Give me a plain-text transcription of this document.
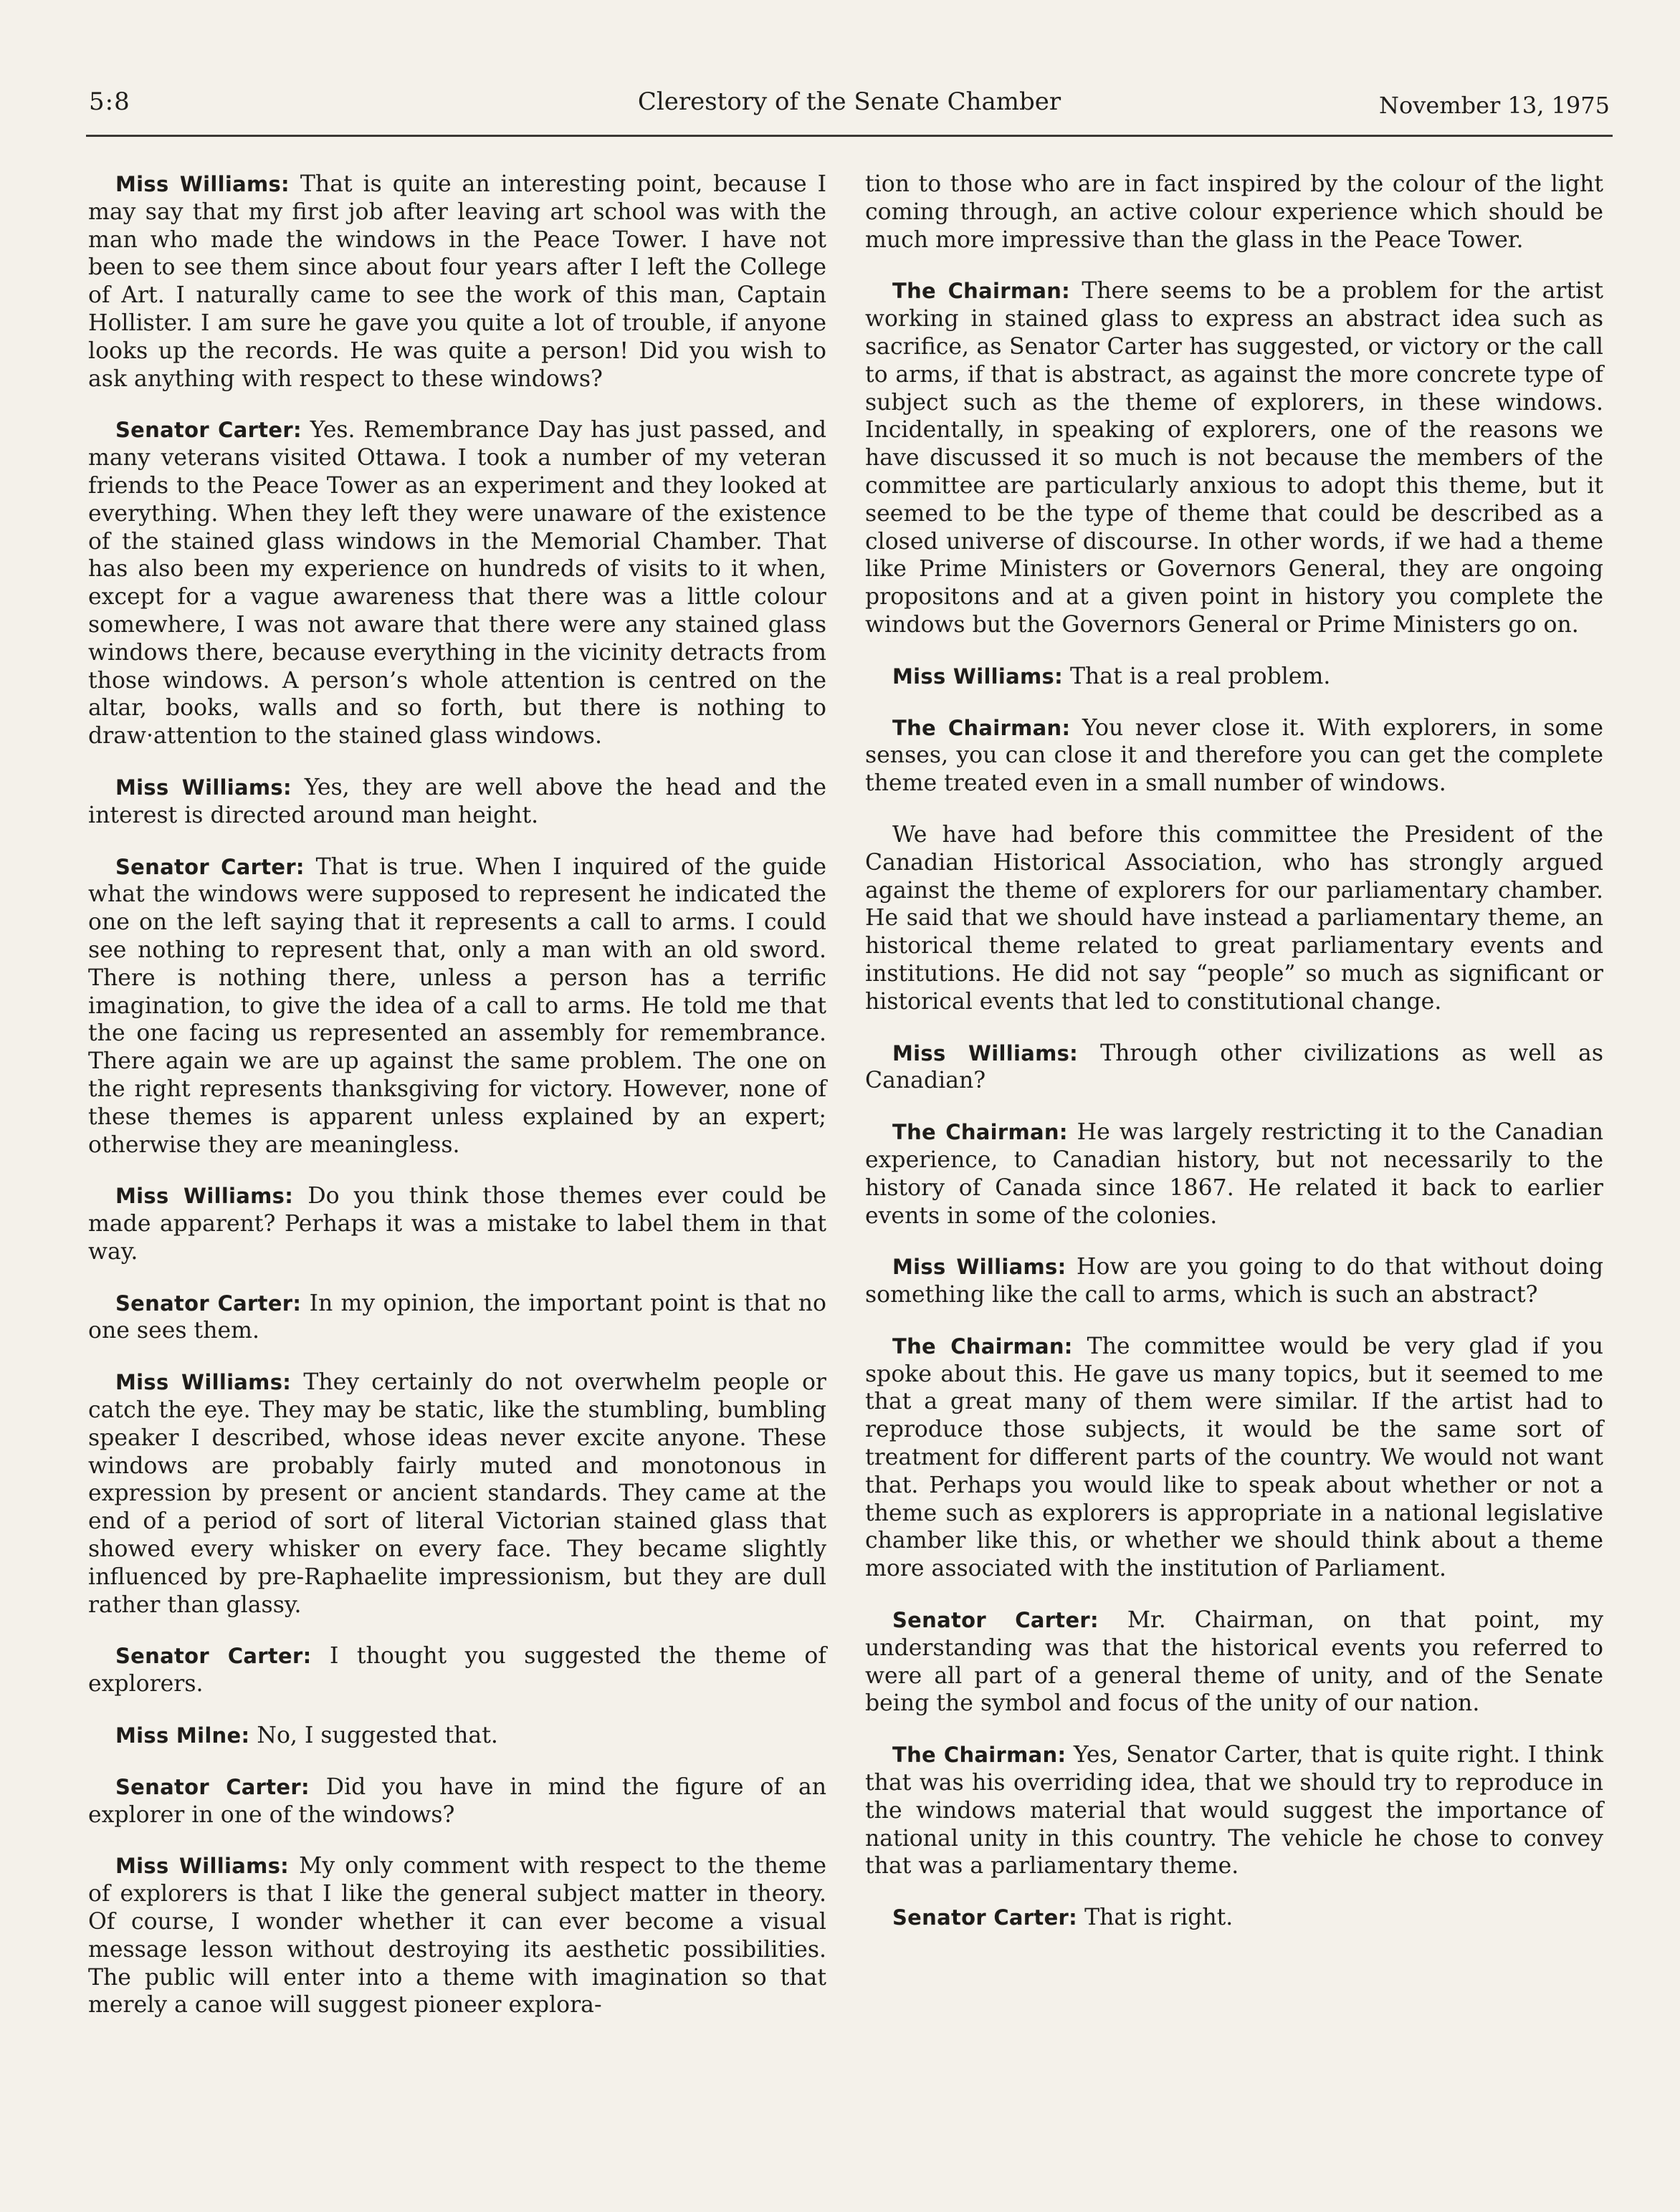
5:8	Clerestory of the Senate Chamber	November 13, 1975

Miss Williams: That is quite an interesting point, because I may say that my first job after leaving art school was with the man who made the windows in the Peace Tower. I have not been to see them since about four years after I left the College of Art. I naturally came to see the work of this man, Captain Hollister. I am sure he gave you quite a lot of trouble, if anyone looks up the records. He was quite a person! Did you wish to ask anything with respect to these windows?

Senator Carter: Yes. Remembrance Day has just passed, and many veterans visited Ottawa. I took a number of my veteran friends to the Peace Tower as an experiment and they looked at everything. When they left they were unaware of the existence of the stained glass windows in the Memorial Chamber. That has also been my experience on hundreds of visits to it when, except for a vague awareness that there was a little colour somewhere, I was not aware that there were any stained glass windows there, because everything in the vicinity detracts from those windows. A person’s whole attention is centred on the altar, books, walls and so forth, but there is nothing to draw·attention to the stained glass windows.

Miss Williams: Yes, they are well above the head and the interest is directed around man height.

Senator Carter: That is true. When I inquired of the guide what the windows were supposed to represent he indicated the one on the left saying that it represents a call to arms. I could see nothing to represent that, only a man with an old sword. There is nothing there, unless a person has a terrific imagination, to give the idea of a call to arms. He told me that the one facing us represented an assembly for remembrance. There again we are up against the same problem. The one on the right represents thanksgiving for victory. However, none of these themes is apparent unless explained by an expert; otherwise they are meaningless.

Miss Williams: Do you think those themes ever could be made apparent? Perhaps it was a mistake to label them in that way.

Senator Carter: In my opinion, the important point is that no one sees them.

Miss Williams: They certainly do not overwhelm people or catch the eye. They may be static, like the stumbling, bumbling speaker I described, whose ideas never excite anyone. These windows are probably fairly muted and monotonous in expression by present or ancient standards. They came at the end of a period of sort of literal Victorian stained glass that showed every whisker on every face. They became slightly influenced by pre-Raphaelite impressionism, but they are dull rather than glassy.

Senator Carter: I thought you suggested the theme of explorers.

Miss Milne: No, I suggested that.

Senator Carter: Did you have in mind the figure of an explorer in one of the windows?

Miss Williams: My only comment with respect to the theme of explorers is that I like the general subject matter in theory. Of course, I wonder whether it can ever become a visual message lesson without destroying its aesthetic possibilities. The public will enter into a theme with imagination so that merely a canoe will suggest pioneer explora-

tion to those who are in fact inspired by the colour of the light coming through, an active colour experience which should be much more impressive than the glass in the Peace Tower.

The Chairman: There seems to be a problem for the artist working in stained glass to express an abstract idea such as sacrifice, as Senator Carter has suggested, or victory or the call to arms, if that is abstract, as against the more concrete type of subject such as the theme of explorers, in these windows. Incidentally, in speaking of explorers, one of the reasons we have discussed it so much is not because the members of the committee are particularly anxious to adopt this theme, but it seemed to be the type of theme that could be described as a closed universe of discourse. In other words, if we had a theme like Prime Ministers or Governors General, they are ongoing propositons and at a given point in history you complete the windows but the Governors General or Prime Ministers go on.

Miss Williams: That is a real problem.

The Chairman: You never close it. With explorers, in some senses, you can close it and therefore you can get the complete theme treated even in a small number of windows.

We have had before this committee the President of the Canadian Historical Association, who has strongly argued against the theme of explorers for our parliamentary chamber. He said that we should have instead a parliamentary theme, an historical theme related to great parliamentary events and institutions. He did not say “people” so much as significant or historical events that led to constitutional change.

Miss Williams: Through other civilizations as well as Canadian?

The Chairman: He was largely restricting it to the Canadian experience, to Canadian history, but not necessarily to the history of Canada since 1867. He related it back to earlier events in some of the colonies.

Miss Williams: How are you going to do that without doing something like the call to arms, which is such an abstract?

The Chairman: The committee would be very glad if you spoke about this. He gave us many topics, but it seemed to me that a great many of them were similar. If the artist had to reproduce those subjects, it would be the same sort of treatment for different parts of the country. We would not want that. Perhaps you would like to speak about whether or not a theme such as explorers is appropriate in a national legislative chamber like this, or whether we should think about a theme more associated with the institution of Parliament.

Senator Carter: Mr. Chairman, on that point, my understanding was that the historical events you referred to were all part of a general theme of unity, and of the Senate being the symbol and focus of the unity of our nation.

The Chairman: Yes, Senator Carter, that is quite right. I think that was his overriding idea, that we should try to reproduce in the windows material that would suggest the importance of national unity in this country. The vehicle he chose to convey that was a parliamentary theme.

Senator Carter: That is right.
